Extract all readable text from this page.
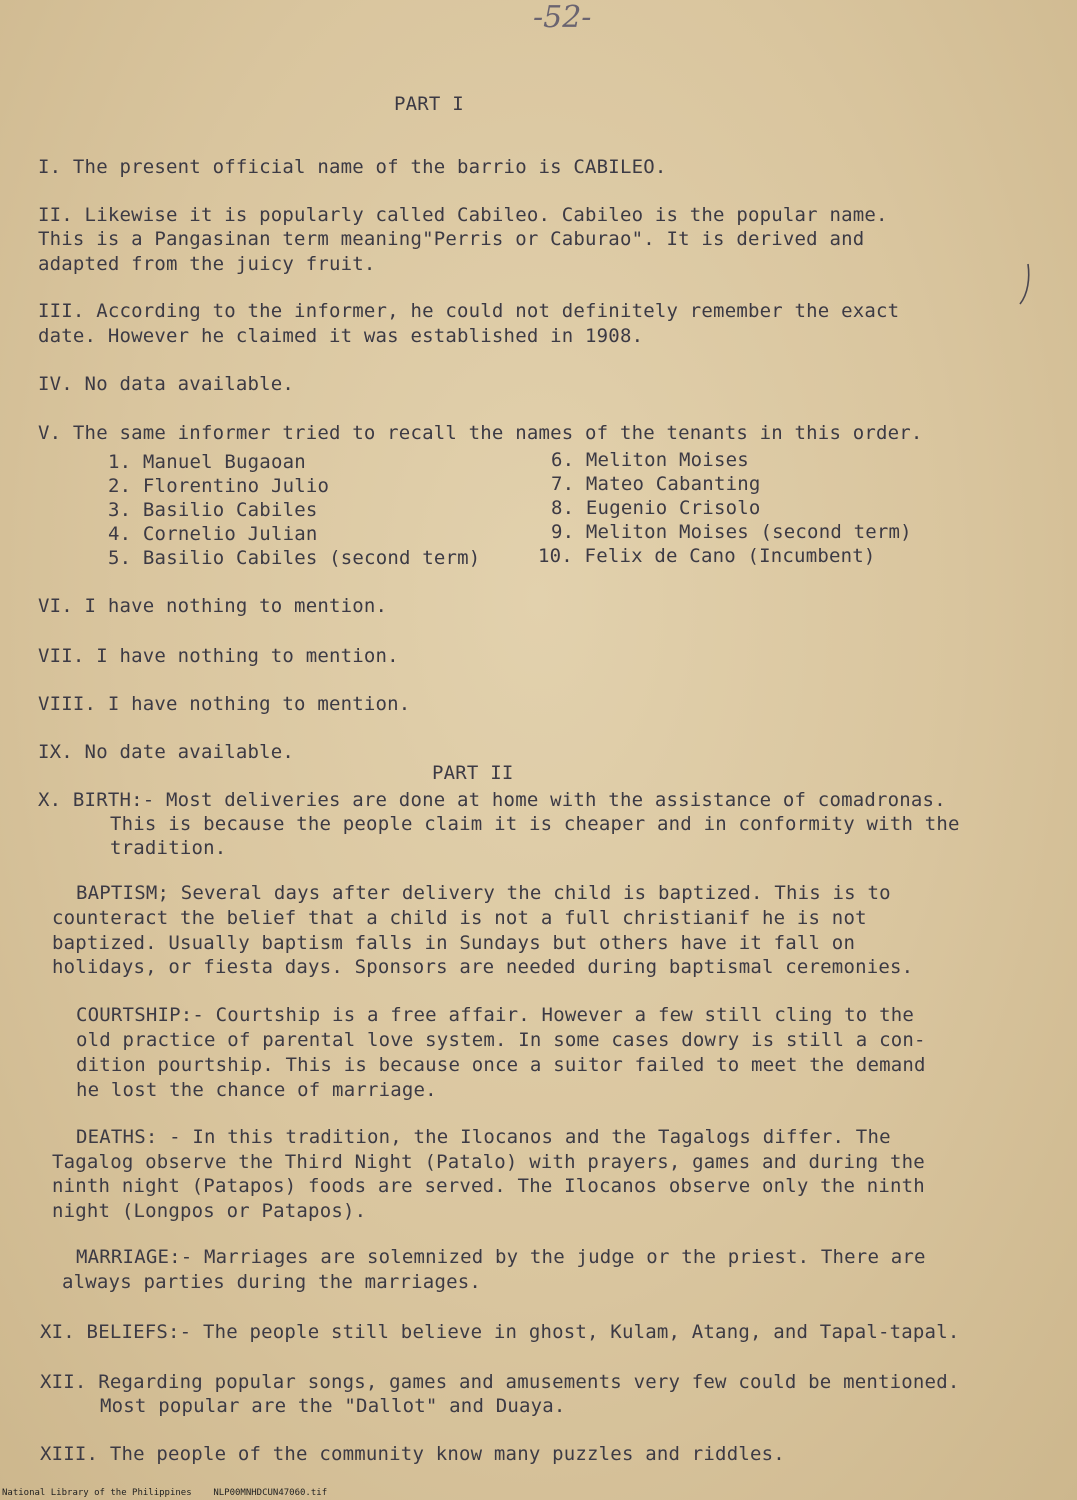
-52-
PART I
I. The present official name of the barrio is CABILEO.
II. Likewise it is popularly called Cabileo. Cabileo is the popular name.
This is a Pangasinan term meaning"Perris or Caburao". It is derived and
adapted from the juicy fruit.
III. According to the informer, he could not definitely remember the exact
date. However he claimed it was established in 1908.
IV. No data available.
V. The same informer tried to recall the names of the tenants in this order.
1. Manuel Bugaoan
2. Florentino Julio
3. Basilio Cabiles
4. Cornelio Julian
5. Basilio Cabiles (second term)
6. Meliton Moises
7. Mateo Cabanting
8. Eugenio Crisolo
9. Meliton Moises (second term)
10. Felix de Cano (Incumbent)
VI. I have nothing to mention.
VII. I have nothing to mention.
VIII. I have nothing to mention.
IX. No date available.
PART II
X. BIRTH:- Most deliveries are done at home with the assistance of comadronas.
This is because the people claim it is cheaper and in conformity with the
tradition.
BAPTISM; Several days after delivery the child is baptized. This is to
counteract the belief that a child is not a full christianif he is not
baptized. Usually baptism falls in Sundays but others have it fall on
holidays, or fiesta days. Sponsors are needed during baptismal ceremonies.
COURTSHIP:- Courtship is a free affair. However a few still cling to the
old practice of parental love system. In some cases dowry is still a con-
dition pourtship. This is because once a suitor failed to meet the demand
he lost the chance of marriage.
DEATHS: - In this tradition, the Ilocanos and the Tagalogs differ. The
Tagalog observe the Third Night (Patalo) with prayers, games and during the
ninth night (Patapos) foods are served. The Ilocanos observe only the ninth
night (Longpos or Patapos).
MARRIAGE:- Marriages are solemnized by the judge or the priest. There are
always parties during the marriages.
XI. BELIEFS:- The people still believe in ghost, Kulam, Atang, and Tapal-tapal.
XII. Regarding popular songs, games and amusements very few could be mentioned.
Most popular are the "Dallot" and Duaya.
XIII. The people of the community know many puzzles and riddles.
National Library of the Philippines    NLP00MNHDCUN47060.tif
